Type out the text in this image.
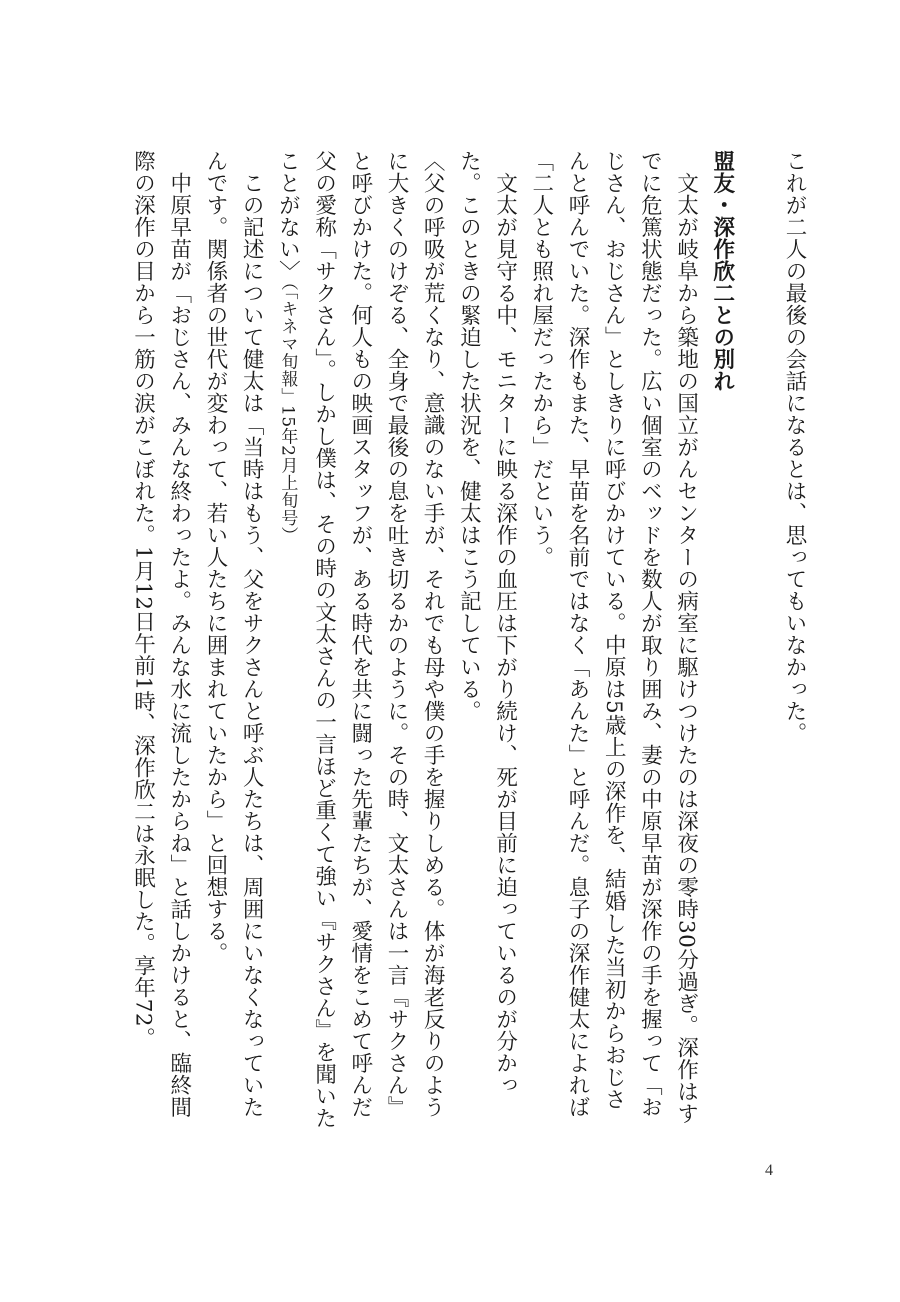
これが二人の最後の会話になるとは、思ってもいなかった。

盟友・深作欣二との別れ

文太が岐阜から築地の国立がんセンターの病室に駆けつけたのは深夜の零時30分過ぎ。深作はすでに危篤状態だった。広い個室のベッドを数人が取り囲み、妻の中原早苗が深作の手を握って「おじさん、おじさん」としきりに呼びかけている。中原は5歳上の深作を、結婚した当初からおじさんと呼んでいた。深作もまた、早苗を名前ではなく「あんた」と呼んだ。息子の深作健太によれば「二人とも照れ屋だったから」だという。

文太が見守る中、モニターに映る深作の血圧は下がり続け、死が目前に迫っているのが分かった。このときの緊迫した状況を、健太はこう記している。

〈父の呼吸が荒くなり、意識のない手が、それでも母や僕の手を握りしめる。体が海老反りのように大きくのけぞる、全身で最後の息を吐き切るかのように。その時、文太さんは一言『サクさん』と呼びかけた。何人もの映画スタッフが、ある時代を共に闘った先輩たちが、愛情をこめて呼んだ父の愛称「サクさん」。しかし僕は、その時の文太さんの一言ほど重くて強い『サクさん』を聞いたことがない〉（「キネマ旬報」15年2月上旬号）

この記述について健太は「当時はもう、父をサクさんと呼ぶ人たちは、周囲にいなくなっていたんです。関係者の世代が変わって、若い人たちに囲まれていたから」と回想する。

中原早苗が「おじさん、みんな終わったよ。みんな水に流したからね」と話しかけると、臨終間際の深作の目から一筋の涙がこぼれた。1月12日午前1時、深作欣二は永眠した。享年72。

4
